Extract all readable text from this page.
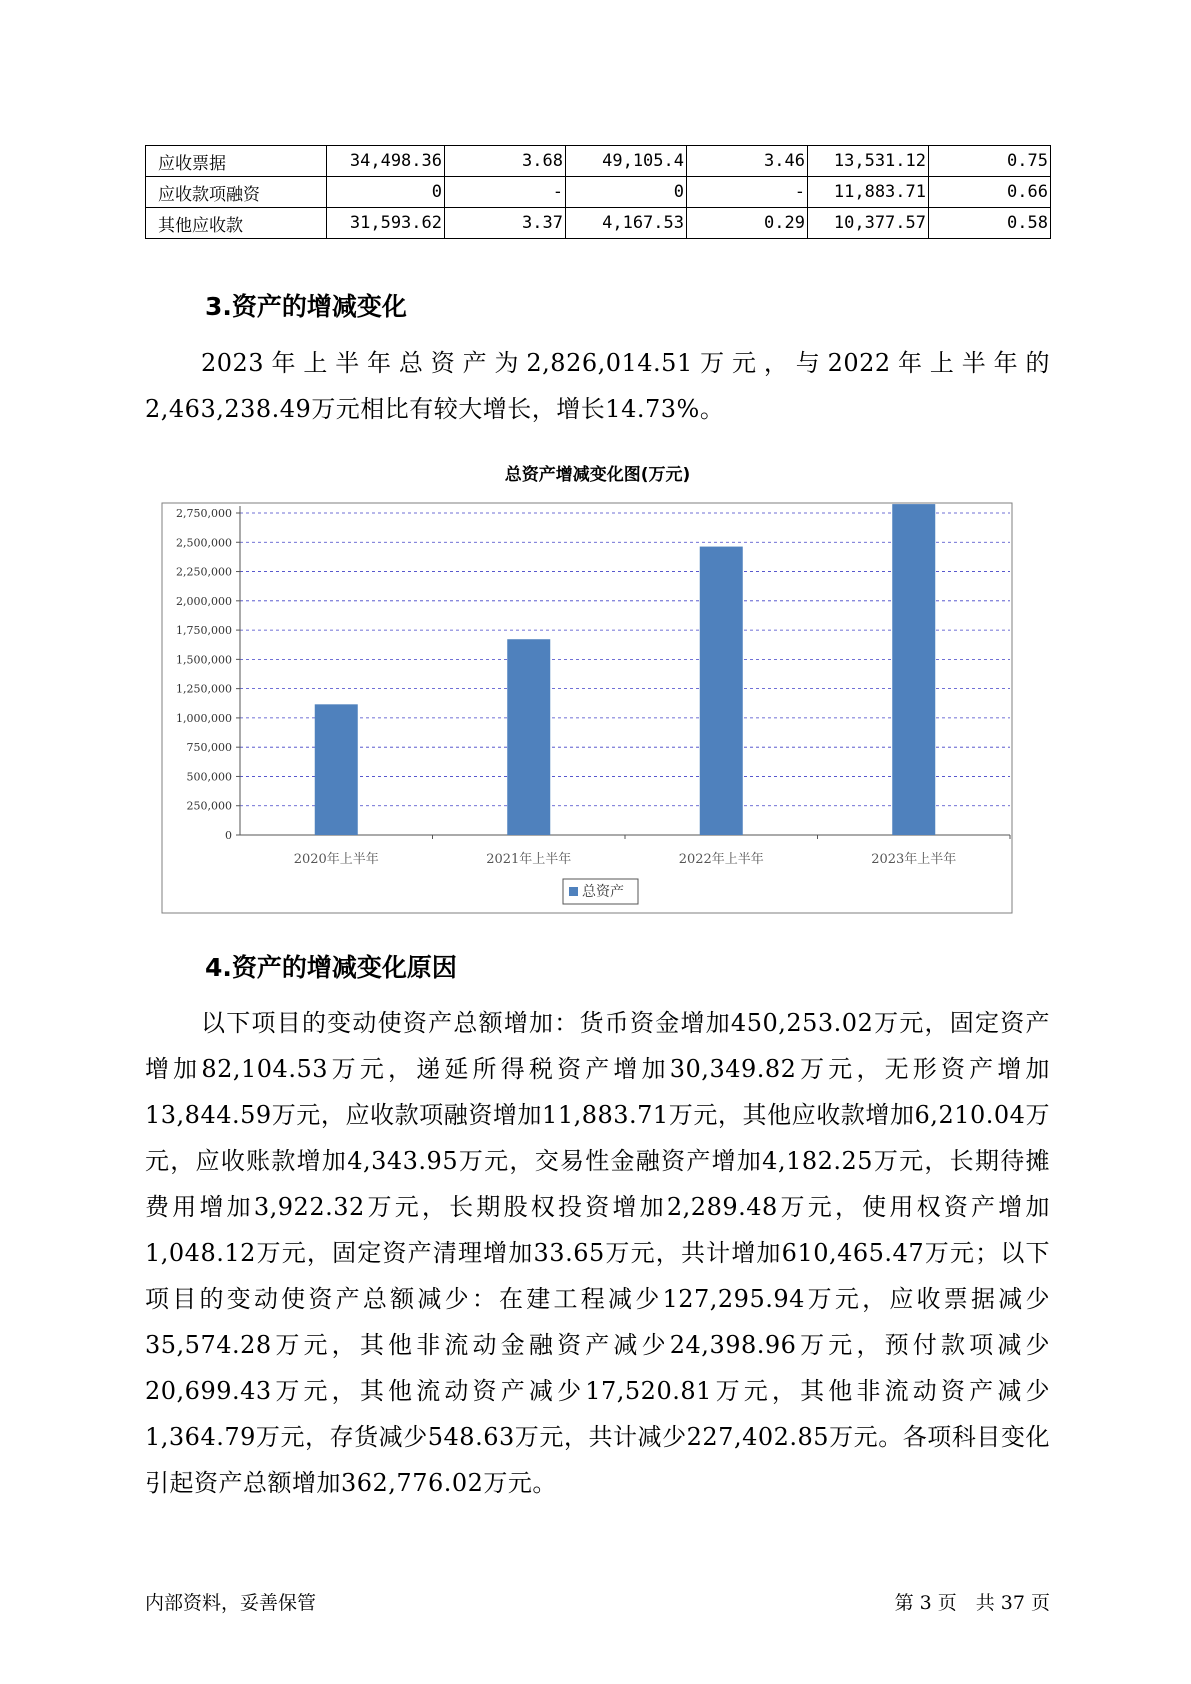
应收票据	34,498.36	3.68	49,105.4	3.46	13,531.12	0.75
应收款项融资	0	-	0	-	11,883.71	0.66
其他应收款	31,593.62	3.37	4,167.53	0.29	10,377.57	0.58
3.资产的增减变化

2023年上半年总资产为2,826,014.51万元，与2022年上半年的2,463,238.49万元相比有较大增长，增长14.73%。

总资产增减变化图(万元)
0
250,000
500,000
750,000
1,000,000
1,250,000
1,500,000
1,750,000
2,000,000
2,250,000
2,500,000
2,750,000
2020年上半年	2021年上半年	2022年上半年	2023年上半年
总资产
4.资产的增减变化原因

以下项目的变动使资产总额增加：货币资金增加450,253.02万元，固定资产增加82,104.53万元，递延所得税资产增加30,349.82万元，无形资产增加13,844.59万元，应收款项融资增加11,883.71万元，其他应收款增加6,210.04万元，应收账款增加4,343.95万元，交易性金融资产增加4,182.25万元，长期待摊费用增加3,922.32万元，长期股权投资增加2,289.48万元，使用权资产增加1,048.12万元，固定资产清理增加33.65万元，共计增加610,465.47万元；以下项目的变动使资产总额减少：在建工程减少127,295.94万元，应收票据减少35,574.28万元，其他非流动金融资产减少24,398.96万元，预付款项减少20,699.43万元，其他流动资产减少17,520.81万元，其他非流动资产减少1,364.79万元，存货减少548.63万元，共计减少227,402.85万元。各项科目变化引起资产总额增加362,776.02万元。

内部资料，妥善保管	第 3 页　共 37 页
